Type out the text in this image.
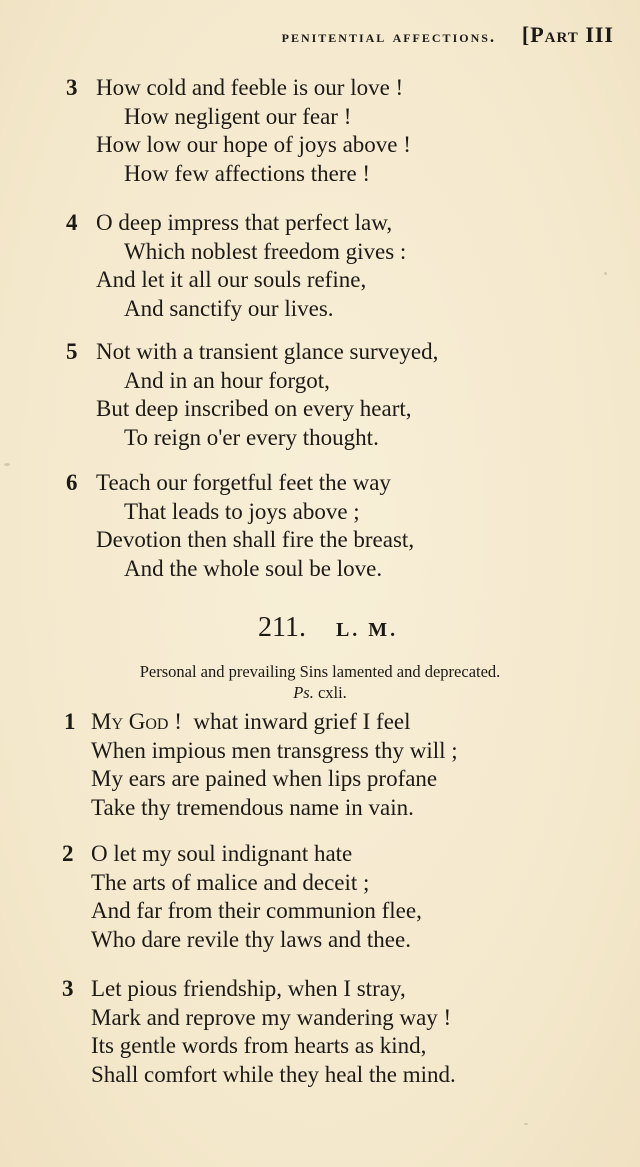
penitential affections. [Part III
3 How cold and feeble is our love !
How negligent our fear !
How low our hope of joys above !
How few affections there !
4 O deep impress that perfect law,
Which noblest freedom gives :
And let it all our souls refine,
And sanctify our lives.
5 Not with a transient glance surveyed,
And in an hour forgot,
But deep inscribed on every heart,
To reign o'er every thought.
6 Teach our forgetful feet the way
That leads to joys above ;
Devotion then shall fire the breast,
And the whole soul be love.
211. L. M.
Personal and prevailing Sins lamented and deprecated.
Ps. cxli.
1 My God !  what inward grief I feel
When impious men transgress thy will ;
My ears are pained when lips profane
Take thy tremendous name in vain.
2 O let my soul indignant hate
The arts of malice and deceit ;
And far from their communion flee,
Who dare revile thy laws and thee.
3 Let pious friendship, when I stray,
Mark and reprove my wandering way !
Its gentle words from hearts as kind,
Shall comfort while they heal the mind.
